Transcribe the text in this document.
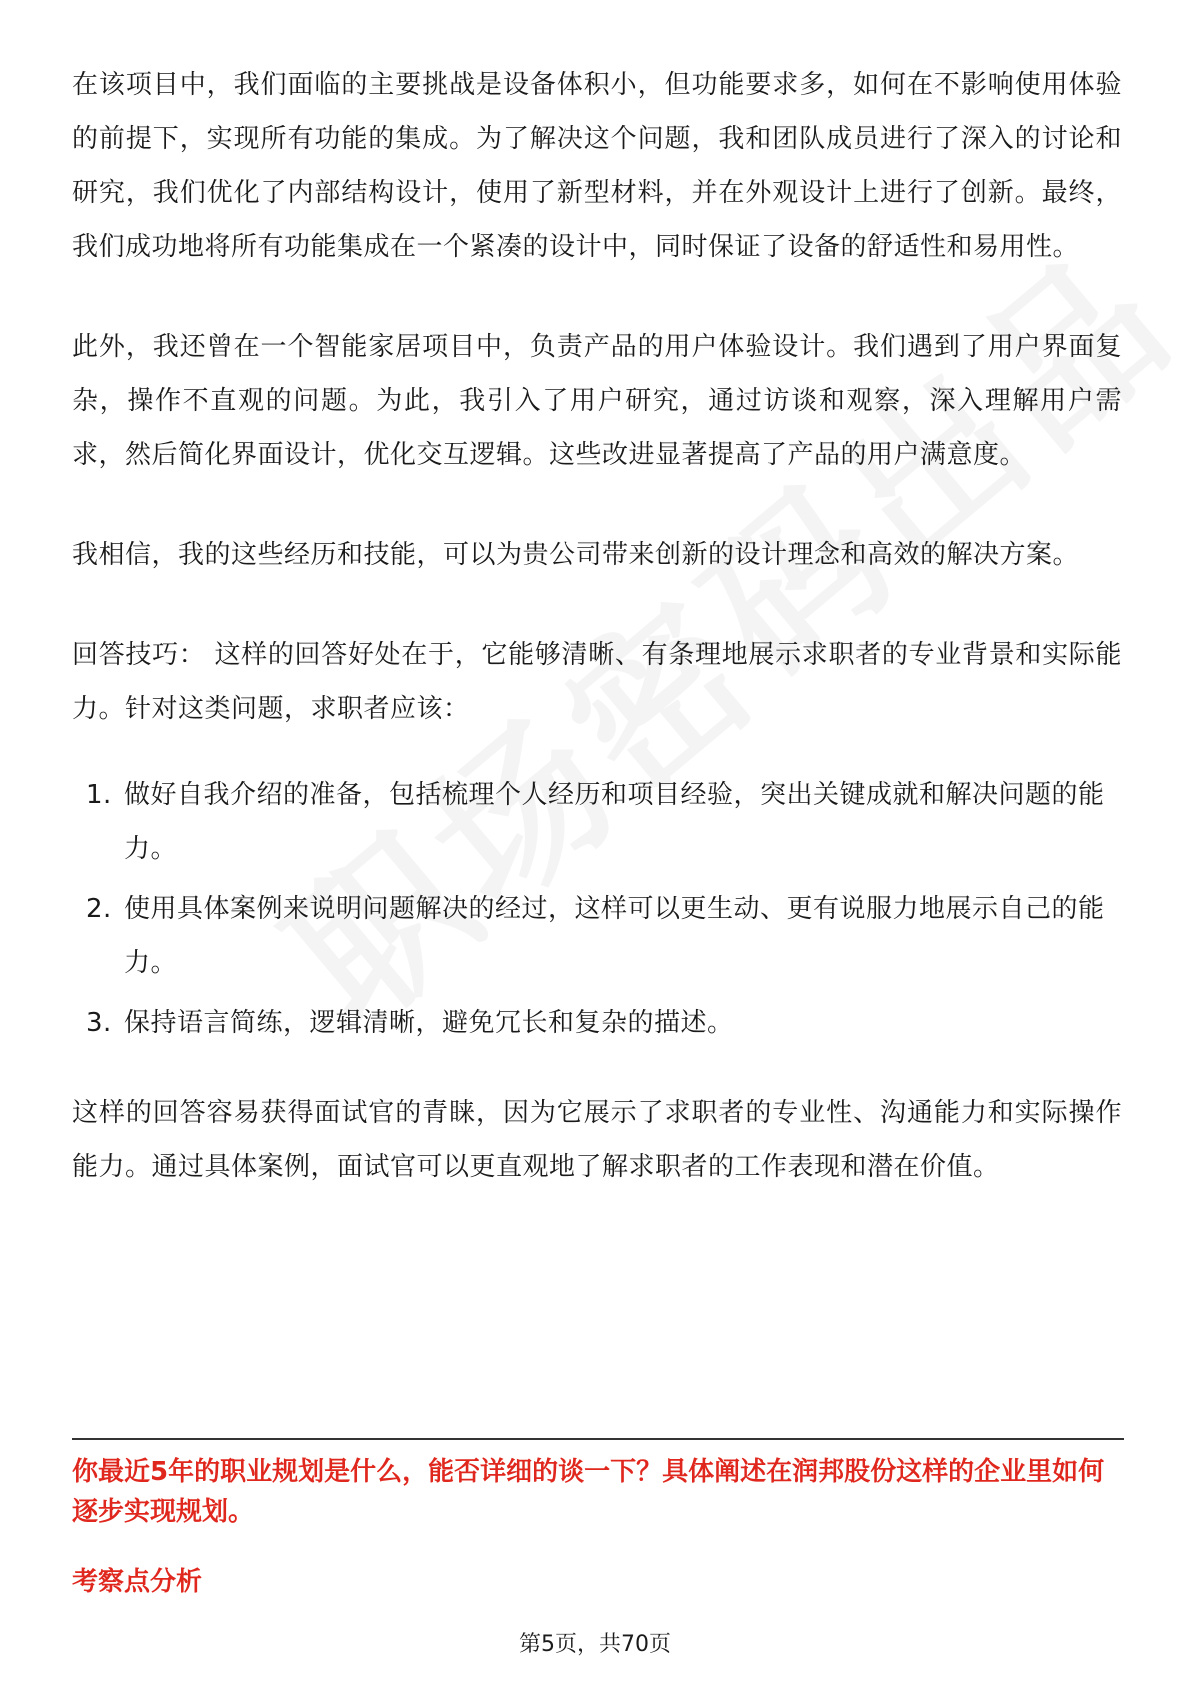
在该项目中，我们面临的主要挑战是设备体积小，但功能要求多，如何在不影响使用体验的前提下，实现所有功能的集成。为了解决这个问题，我和团队成员进行了深入的讨论和研究，我们优化了内部结构设计，使用了新型材料，并在外观设计上进行了创新。最终，我们成功地将所有功能集成在一个紧凑的设计中，同时保证了设备的舒适性和易用性。

此外，我还曾在一个智能家居项目中，负责产品的用户体验设计。我们遇到了用户界面复杂，操作不直观的问题。为此，我引入了用户研究，通过访谈和观察，深入理解用户需求，然后简化界面设计，优化交互逻辑。这些改进显著提高了产品的用户满意度。

我相信，我的这些经历和技能，可以为贵公司带来创新的设计理念和高效的解决方案。

回答技巧： 这样的回答好处在于，它能够清晰、有条理地展示求职者的专业背景和实际能力。针对这类问题，求职者应该：

1. 做好自我介绍的准备，包括梳理个人经历和项目经验，突出关键成就和解决问题的能力。
2. 使用具体案例来说明问题解决的经过，这样可以更生动、更有说服力地展示自己的能力。
3. 保持语言简练，逻辑清晰，避免冗长和复杂的描述。

这样的回答容易获得面试官的青睐，因为它展示了求职者的专业性、沟通能力和实际操作能力。通过具体案例，面试官可以更直观地了解求职者的工作表现和潜在价值。

你最近5年的职业规划是什么，能否详细的谈一下？具体阐述在润邦股份这样的企业里如何逐步实现规划。

考察点分析

第5页，共70页
